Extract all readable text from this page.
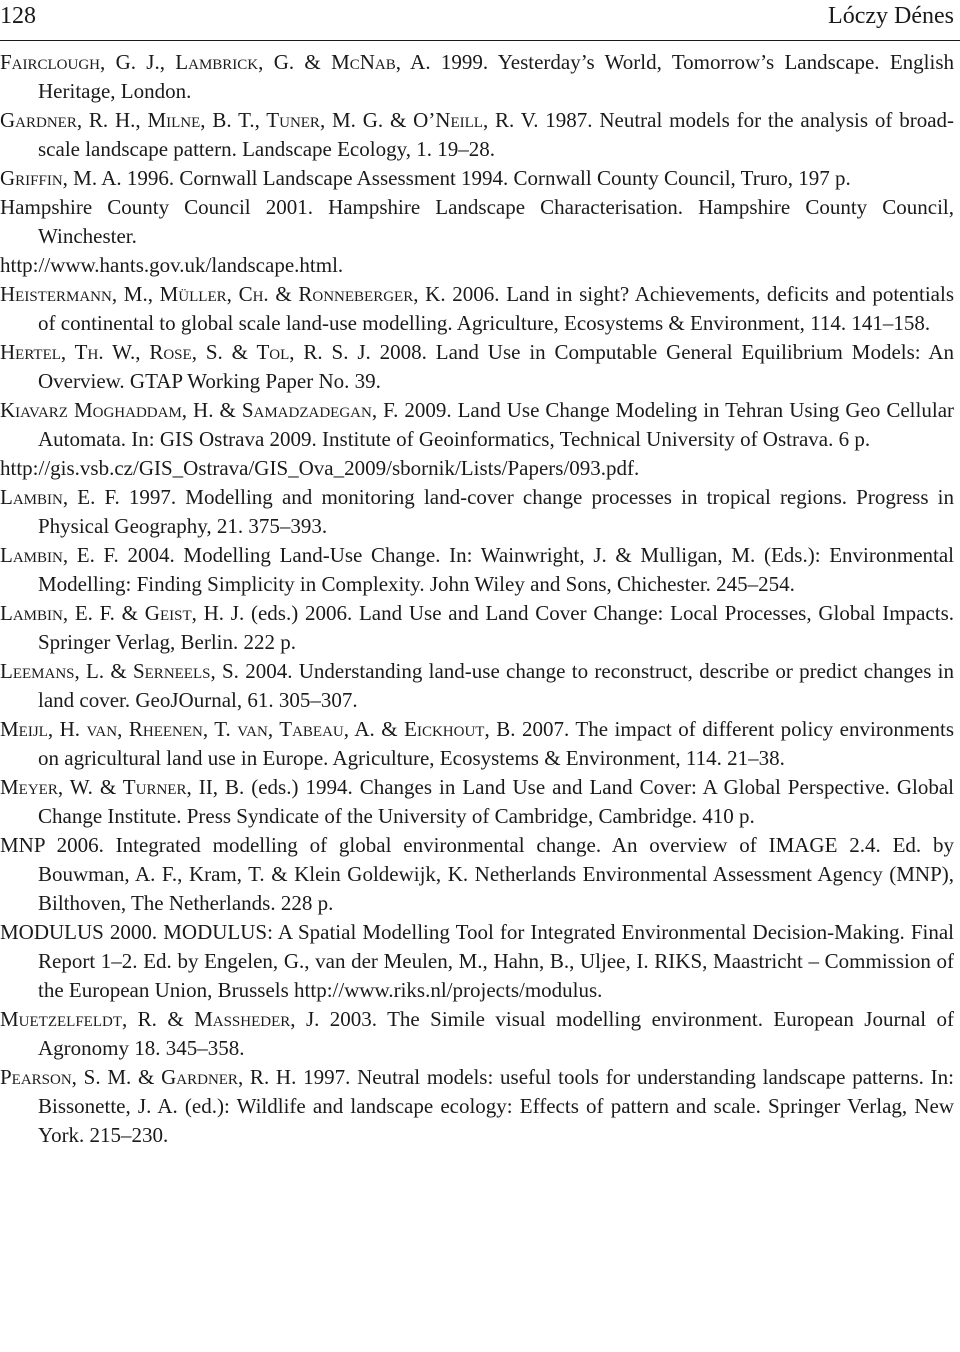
128	Lóczy Dénes

Fairclough, G. J., Lambrick, G. & McNab, A. 1999. Yesterday’s World, Tomorrow’s Landscape. English Heritage, London.

Gardner, R. H., Milne, B. T., Tuner, M. G. & O’Neill, R. V. 1987. Neutral models for the analysis of broad-scale landscape pattern. Landscape Ecology, 1. 19–28.

Griffin, M. A. 1996. Cornwall Landscape Assessment 1994. Cornwall County Council, Truro, 197 p.

Hampshire County Council 2001. Hampshire Landscape Characterisation. Hampshire County Council, Winchester.

http://www.hants.gov.uk/landscape.html.

Heistermann, M., Müller, Ch. & Ronneberger, K. 2006. Land in sight? Achievements, deficits and potentials of continental to global scale land-use modelling. Agriculture, Ecosystems & Environment, 114. 141–158.

Hertel, Th. W., Rose, S. & Tol, R. S. J. 2008. Land Use in Computable General Equilibrium Models: An Overview. GTAP Working Paper No. 39.

Kiavarz Moghaddam, H. & Samadzadegan, F. 2009. Land Use Change Modeling in Tehran Using Geo Cellular Automata. In: GIS Ostrava 2009. Institute of Geoinformatics, Technical University of Ostrava. 6 p.

http://gis.vsb.cz/GIS_Ostrava/GIS_Ova_2009/sbornik/Lists/Papers/093.pdf.

Lambin, E. F. 1997. Modelling and monitoring land-cover change processes in tropical regions. Progress in Physical Geography, 21. 375–393.

Lambin, E. F. 2004. Modelling Land-Use Change. In: Wainwright, J. & Mulligan, M. (Eds.): Environmental Modelling: Finding Simplicity in Complexity. John Wiley and Sons, Chichester. 245–254.

Lambin, E. F. & Geist, H. J. (eds.) 2006. Land Use and Land Cover Change: Local Processes, Global Impacts. Springer Verlag, Berlin. 222 p.

Leemans, L. & Serneels, S. 2004. Understanding land-use change to reconstruct, describe or predict changes in land cover. GeoJOurnal, 61. 305–307.

Meijl, H. van, Rheenen, T. van, Tabeau, A. & Eickhout, B. 2007. The impact of different policy environments on agricultural land use in Europe. Agriculture, Ecosystems & Environment, 114. 21–38.

Meyer, W. & Turner, II, B. (eds.) 1994. Changes in Land Use and Land Cover: A Global Perspective. Global Change Institute. Press Syndicate of the University of Cambridge, Cambridge. 410 p.

MNP 2006. Integrated modelling of global environmental change. An overview of IMAGE 2.4. Ed. by Bouwman, A. F., Kram, T. & Klein Goldewijk, K. Netherlands Environmental Assessment Agency (MNP), Bilthoven, The Netherlands. 228 p.

MODULUS 2000. MODULUS: A Spatial Modelling Tool for Integrated Environmental Decision-Making. Final Report 1–2. Ed. by Engelen, G., van der Meulen, M., Hahn, B., Uljee, I. RIKS, Maastricht – Commission of the European Union, Brussels http://www.riks.nl/projects/modulus.

Muetzelfeldt, R. & Massheder, J. 2003. The Simile visual modelling environment. European Journal of Agronomy 18. 345–358.

Pearson, S. M. & Gardner, R. H. 1997. Neutral models: useful tools for understanding landscape patterns. In: Bissonette, J. A. (ed.): Wildlife and landscape ecology: Effects of pattern and scale. Springer Verlag, New York. 215–230.
